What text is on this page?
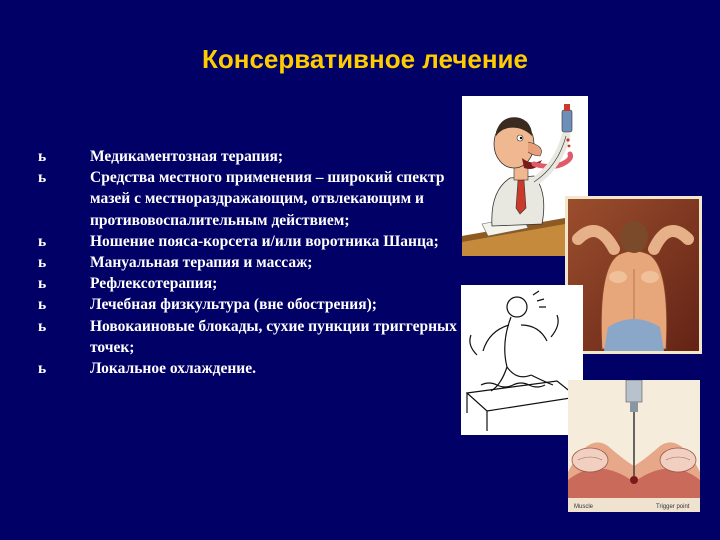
Консервативное лечение
ь	Медикаментозная терапия;
ь	Средства местного применения – широкий спектр мазей с местнораздражающим, отвлекающим и противовоспалительным действием;
ь	Ношение пояса-корсета и/или воротника Шанца;
ь	Мануальная терапия и массаж;
ь	Рефлексотерапия;
ь	Лечебная физкультура (вне обострения);
ь	Новокаиновые блокады, сухие пункции триггерных точек;
ь	Локальное охлаждение.
Muscle	Trigger point
